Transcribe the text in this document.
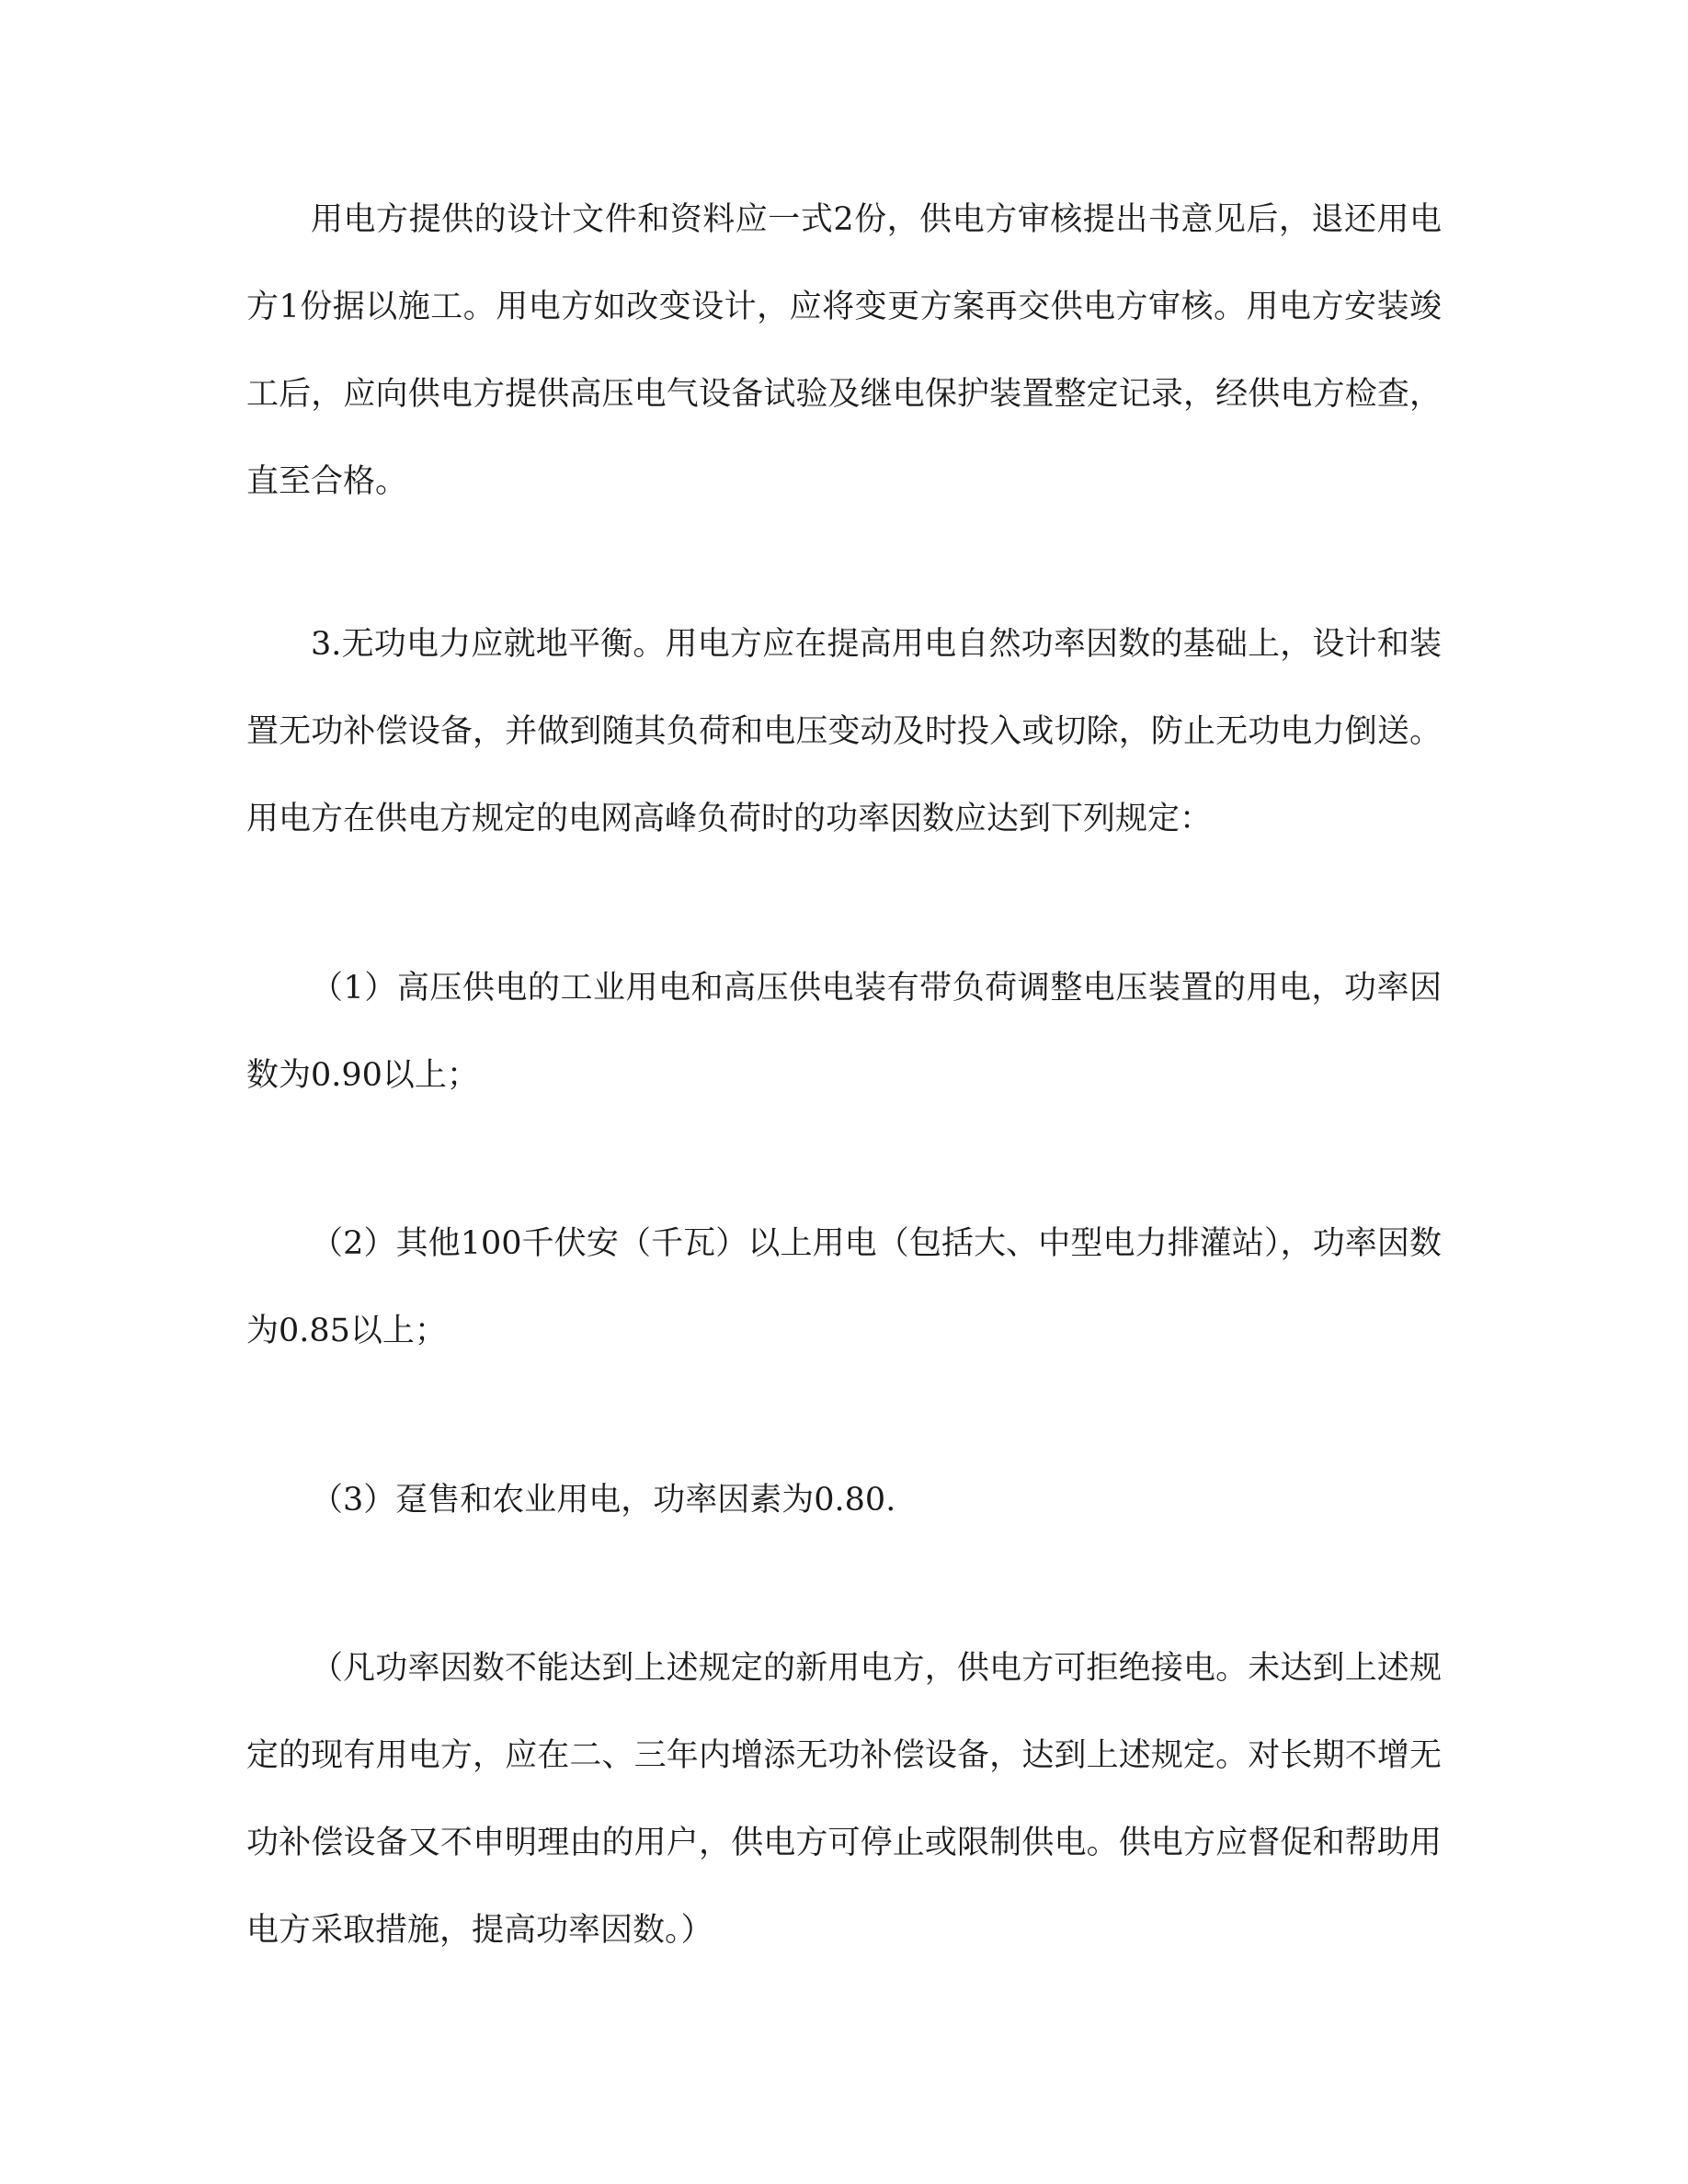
用电方提供的设计文件和资料应一式2份，供电方审核提出书意见后，退还用电方1份据以施工。用电方如改变设计，应将变更方案再交供电方审核。用电方安装竣工后，应向供电方提供高压电气设备试验及继电保护装置整定记录，经供电方检查，直至合格。

3.无功电力应就地平衡。用电方应在提高用电自然功率因数的基础上，设计和装置无功补偿设备，并做到随其负荷和电压变动及时投入或切除，防止无功电力倒送。用电方在供电方规定的电网高峰负荷时的功率因数应达到下列规定：

（1）高压供电的工业用电和高压供电装有带负荷调整电压装置的用电，功率因数为0.90以上；

（2）其他100千伏安（千瓦）以上用电（包括大、中型电力排灌站），功率因数为0.85以上；

（3）趸售和农业用电，功率因素为0.80.

（凡功率因数不能达到上述规定的新用电方，供电方可拒绝接电。未达到上述规定的现有用电方，应在二、三年内增添无功补偿设备，达到上述规定。对长期不增无功补偿设备又不申明理由的用户，供电方可停止或限制供电。供电方应督促和帮助用电方采取措施，提高功率因数。）
